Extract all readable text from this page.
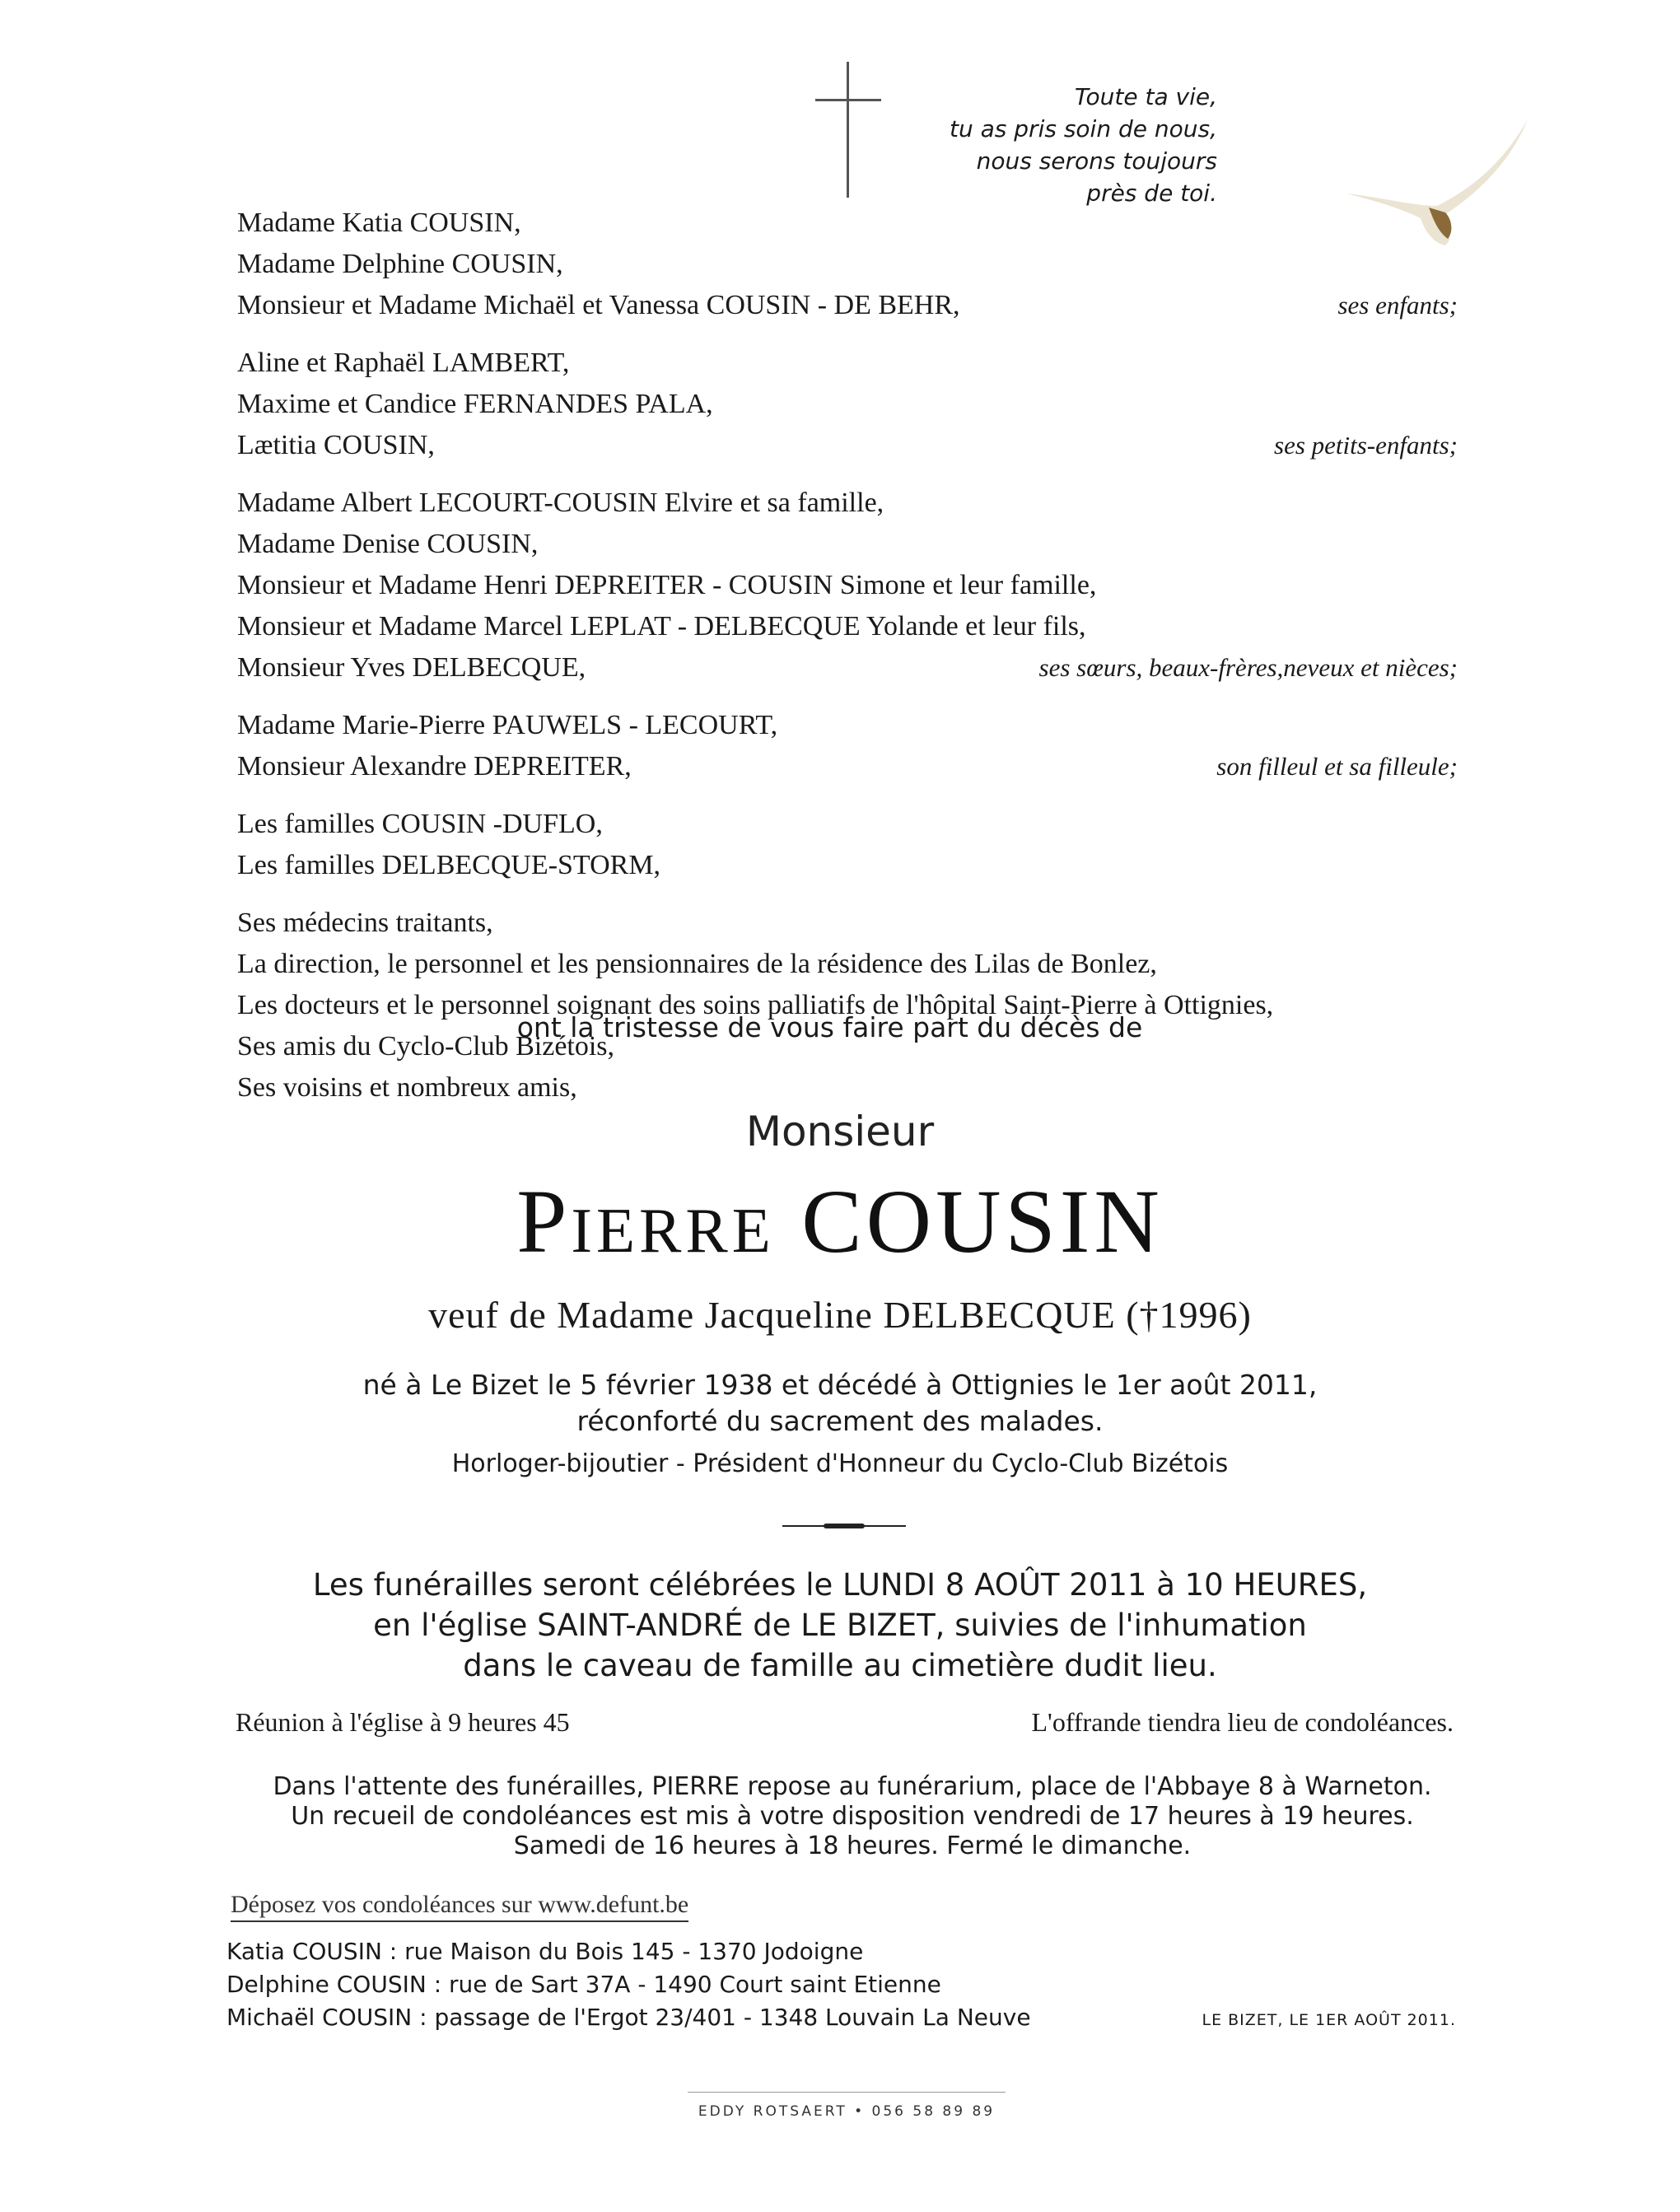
Toute ta vie,
tu as pris soin de nous,
nous serons toujours
près de toi.
Madame Katia COUSIN,
Madame Delphine COUSIN,
Monsieur et Madame Michaël et Vanessa COUSIN - DE BEHR,	ses enfants;
Aline et Raphaël LAMBERT,
Maxime et Candice FERNANDES PALA,
Lætitia COUSIN,	ses petits-enfants;
Madame Albert LECOURT-COUSIN Elvire et sa famille,
Madame Denise COUSIN,
Monsieur et Madame Henri DEPREITER - COUSIN Simone et leur famille,
Monsieur et Madame Marcel LEPLAT - DELBECQUE Yolande et leur fils,
Monsieur Yves DELBECQUE,	ses sœurs, beaux-frères,neveux et nièces;
Madame Marie-Pierre PAUWELS - LECOURT,
Monsieur Alexandre DEPREITER,	son filleul et sa filleule;
Les familles COUSIN -DUFLO,
Les familles DELBECQUE-STORM,
Ses médecins traitants,
La direction, le personnel et les pensionnaires de la résidence des Lilas de Bonlez,
Les docteurs et le personnel soignant des soins palliatifs de l'hôpital Saint-Pierre à Ottignies,
Ses amis du Cyclo-Club Bizétois,
Ses voisins et nombreux amis,
ont la tristesse de vous faire part du décès de
Monsieur
Pierre COUSIN
veuf de Madame Jacqueline DELBECQUE (†1996)
né à Le Bizet le 5 février 1938 et décédé à Ottignies le 1er août 2011,
réconforté du sacrement des malades.
Horloger-bijoutier - Président d'Honneur du Cyclo-Club Bizétois
Les funérailles seront célébrées le LUNDI 8 AOÛT 2011 à 10 HEURES,
en l'église SAINT-ANDRÉ de LE BIZET, suivies de l'inhumation
dans le caveau de famille au cimetière dudit lieu.
Réunion à l'église à 9 heures 45	L'offrande tiendra lieu de condoléances.
Dans l'attente des funérailles, PIERRE repose au funérarium, place de l'Abbaye 8 à Warneton.
Un recueil de condoléances est mis à votre disposition vendredi de 17 heures à 19 heures.
Samedi de 16 heures à 18 heures. Fermé le dimanche.
Déposez vos condoléances sur www.defunt.be
Katia COUSIN : rue Maison du Bois 145 - 1370 Jodoigne
Delphine COUSIN : rue de Sart 37A - 1490 Court saint Etienne
Michaël COUSIN : passage de l'Ergot 23/401 - 1348 Louvain La Neuve	LE BIZET, LE 1ER AOÛT 2011.
EDDY ROTSAERT • 056 58 89 89
